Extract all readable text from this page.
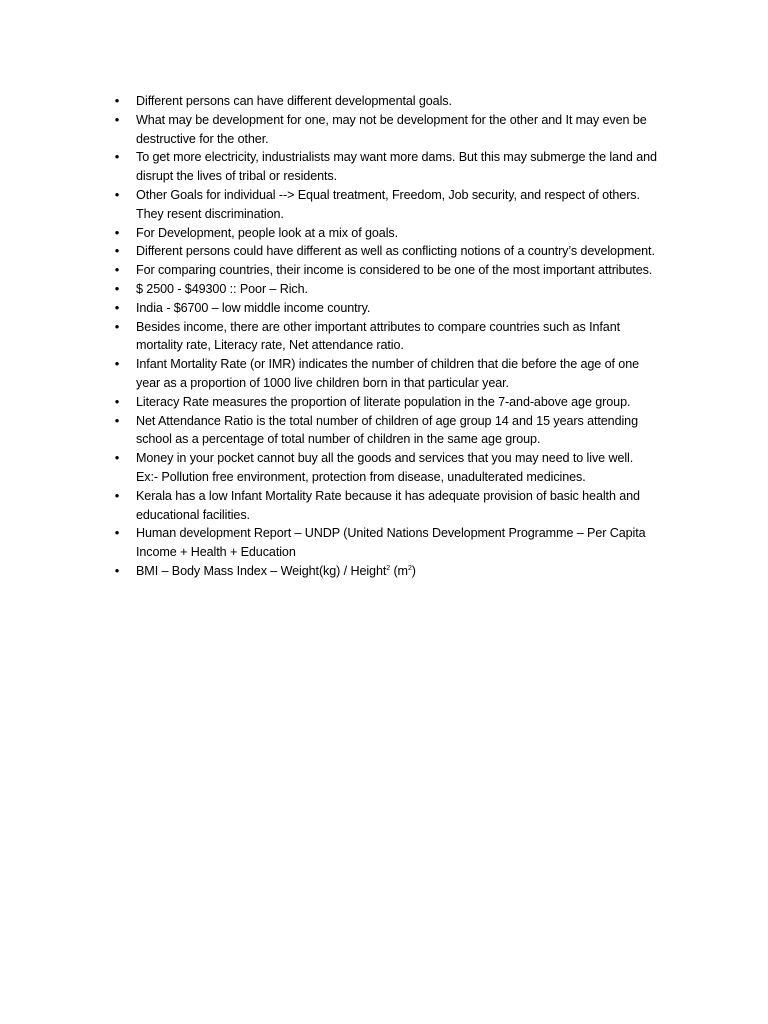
•	Different persons can have different developmental goals.
•	What may be development for one, may not be development for the other and It may even be
destructive for the other.
•	To get more electricity, industrialists may want more dams. But this may submerge the land and
disrupt the lives of tribal or residents.
•	Other Goals for individual --> Equal treatment, Freedom, Job security, and respect of others.
They resent discrimination.
•	For Development, people look at a mix of goals.
•	Different persons could have different as well as conflicting notions of a country’s development.
•	For comparing countries, their income is considered to be one of the most important attributes.
•	$ 2500 - $49300 :: Poor – Rich.
•	India - $6700 – low middle income country.
•	Besides income, there are other important attributes to compare countries such as Infant
mortality rate, Literacy rate, Net attendance ratio.
•	Infant Mortality Rate (or IMR) indicates the number of children that die before the age of one
year as a proportion of 1000 live children born in that particular year.
•	Literacy Rate measures the proportion of literate population in the 7-and-above age group.
•	Net Attendance Ratio is the total number of children of age group 14 and 15 years attending
school as a percentage of total number of children in the same age group.
•	Money in your pocket cannot buy all the goods and services that you may need to live well.
Ex:- Pollution free environment, protection from disease, unadulterated medicines.
•	Kerala has a low Infant Mortality Rate because it has adequate provision of basic health and
educational facilities.
•	Human development Report – UNDP (United Nations Development Programme – Per Capita
Income + Health + Education
•	BMI – Body Mass Index – Weight(kg) / Height$^2$ $(m^2)$
